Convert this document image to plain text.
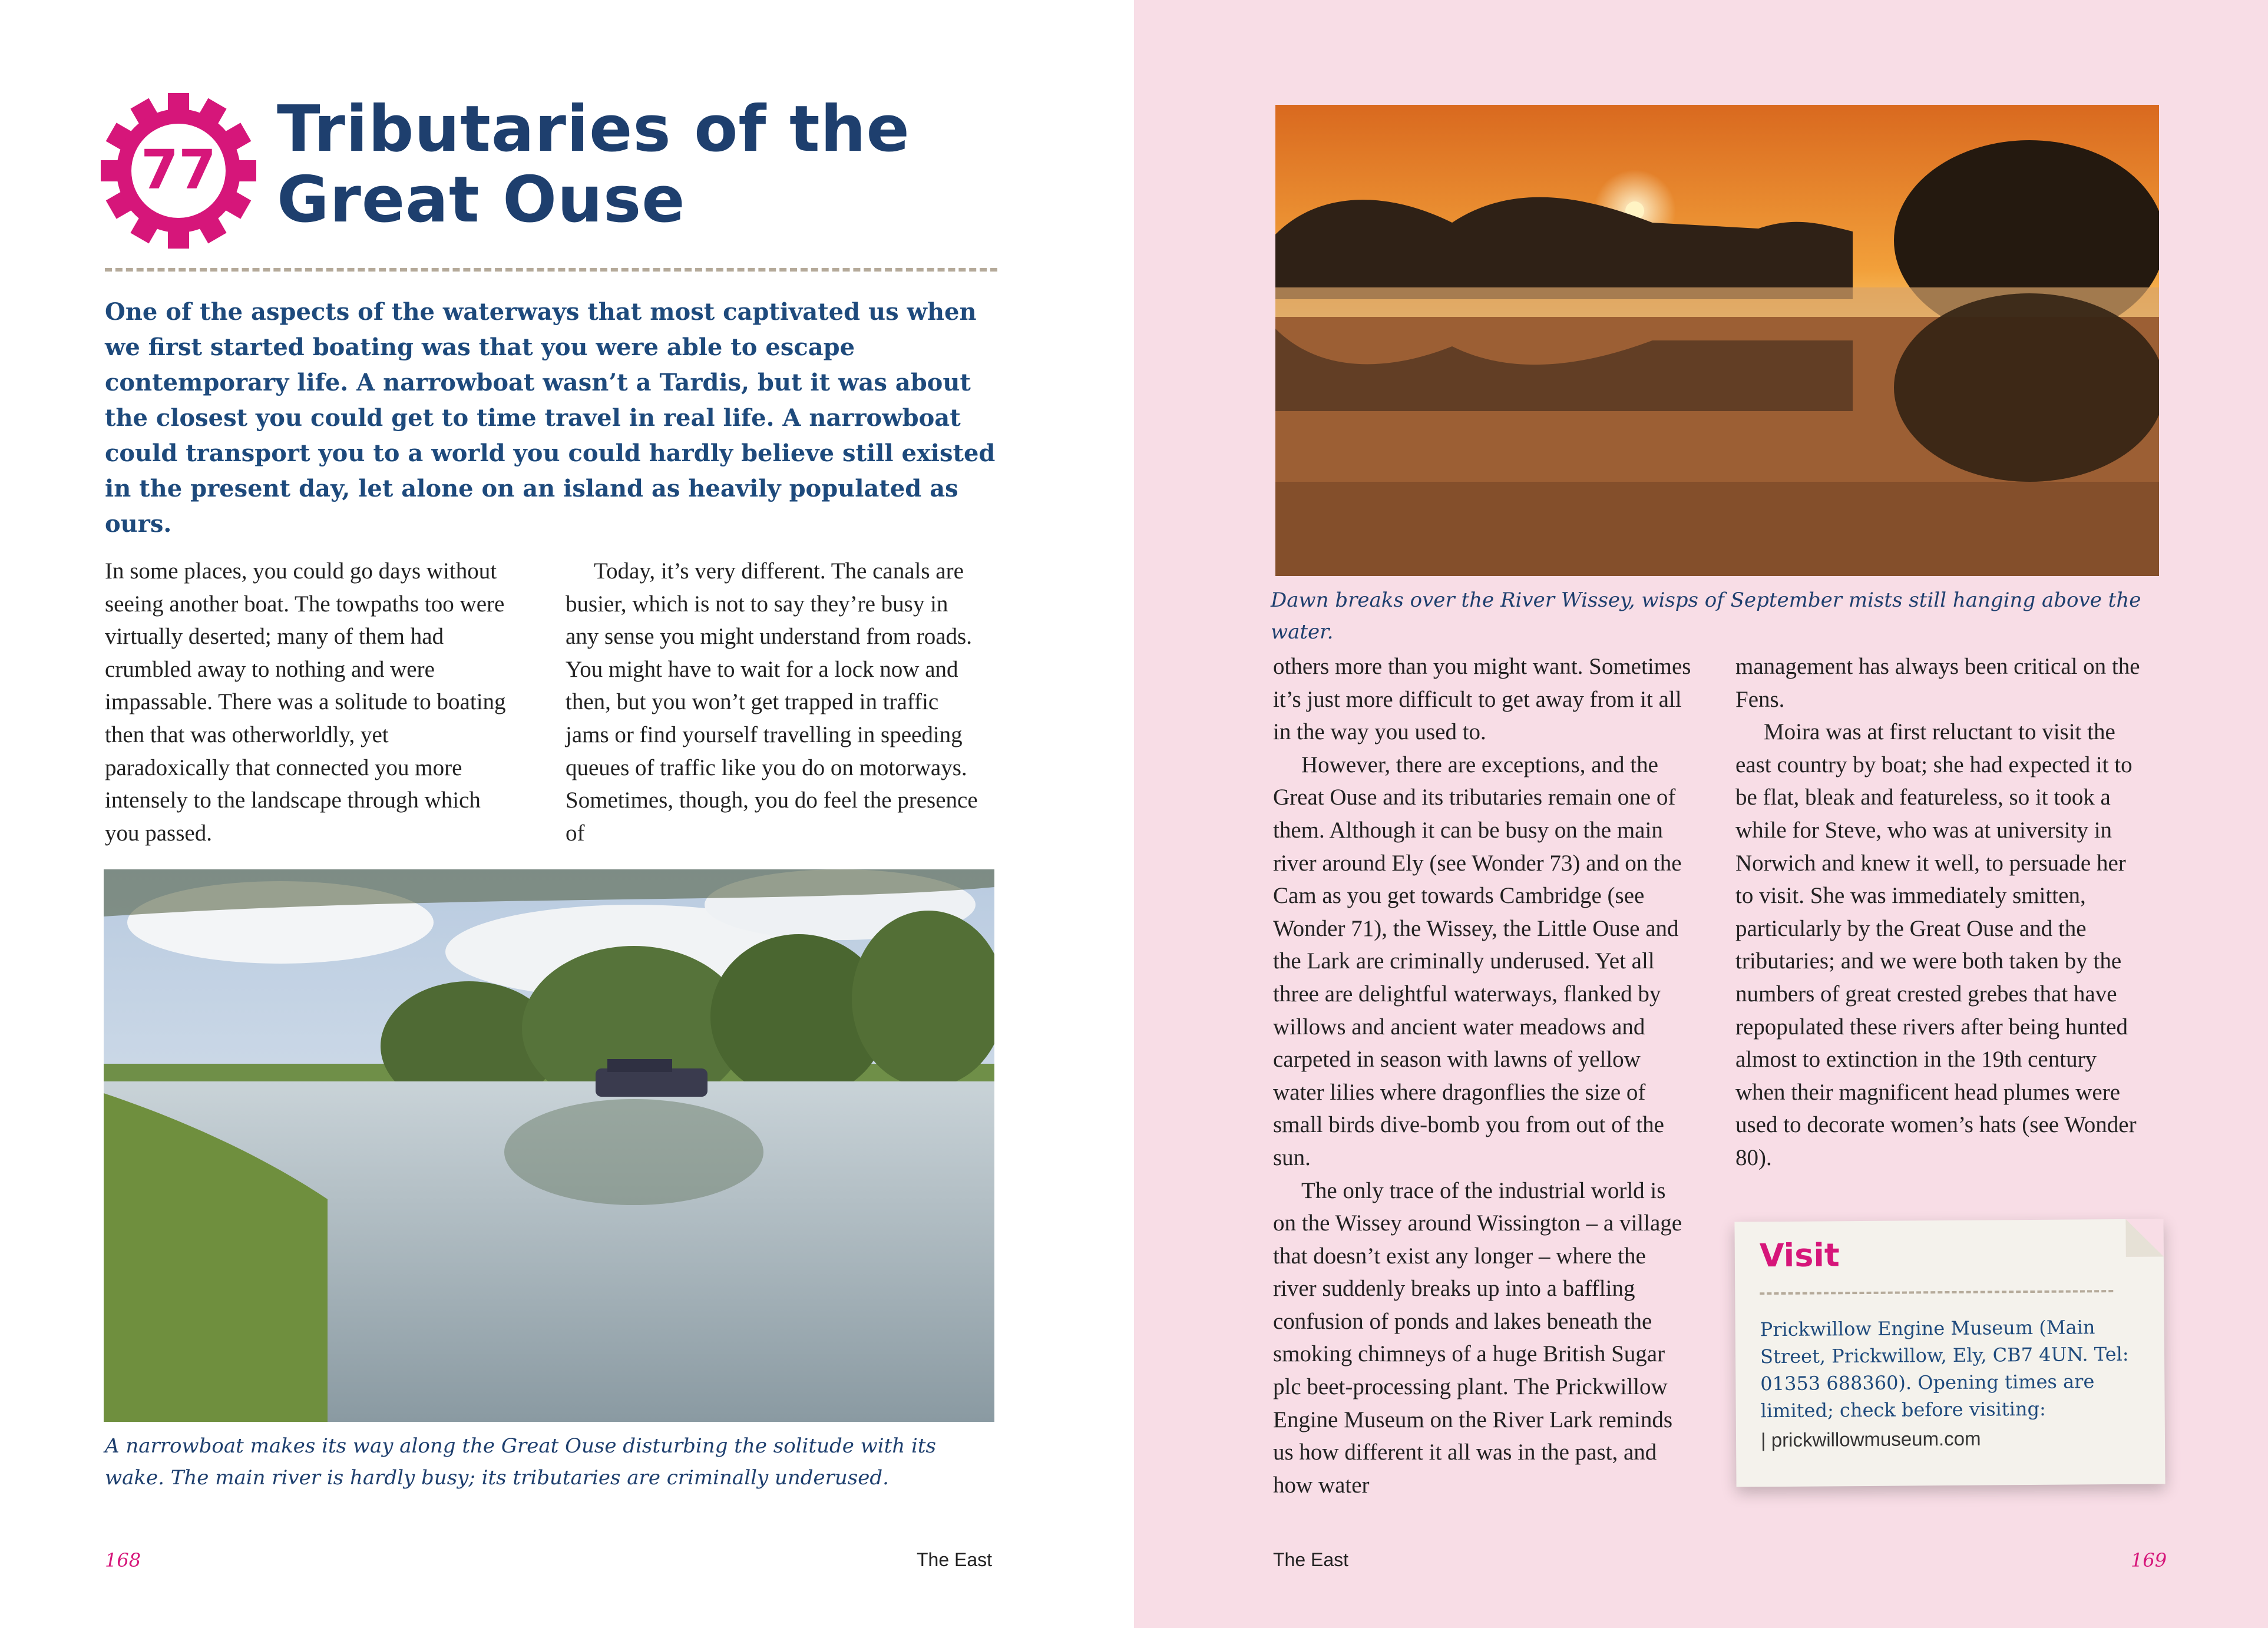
77
Tributaries of the
Great Ouse

One of the aspects of the waterways that most captivated us when we first started boating was that you were able to escape contemporary life. A narrowboat wasn’t a Tardis, but it was about the closest you could get to time travel in real life. A narrowboat could transport you to a world you could hardly believe still existed in the present day, let alone on an island as heavily populated as ours.

In some places, you could go days without seeing another boat. The towpaths too were virtually deserted; many of them had crumbled away to nothing and were impassable. There was a solitude to boating then that was otherworldly, yet paradoxically that connected you more intensely to the landscape through which you passed.

Today, it’s very different. The canals are busier, which is not to say they’re busy in any sense you might understand from roads. You might have to wait for a lock now and then, but you won’t get trapped in traffic jams or find yourself travelling in speeding queues of traffic like you do on motorways. Sometimes, though, you do feel the presence of

A narrowboat makes its way along the Great Ouse disturbing the solitude with its wake. The main river is hardly busy; its tributaries are criminally underused.

168	The East

Dawn breaks over the River Wissey, wisps of September mists still hanging above the water.

others more than you might want. Sometimes it’s just more difficult to get away from it all in the way you used to.

However, there are exceptions, and the Great Ouse and its tributaries remain one of them. Although it can be busy on the main river around Ely (see Wonder 73) and on the Cam as you get towards Cambridge (see Wonder 71), the Wissey, the Little Ouse and the Lark are criminally underused. Yet all three are delightful waterways, flanked by willows and ancient water meadows and carpeted in season with lawns of yellow water lilies where dragonflies the size of small birds dive-bomb you from out of the sun.

The only trace of the industrial world is on the Wissey around Wissington – a village that doesn’t exist any longer – where the river suddenly breaks up into a baffling confusion of ponds and lakes beneath the smoking chimneys of a huge British Sugar plc beet-processing plant. The Prickwillow Engine Museum on the River Lark reminds us how different it all was in the past, and how water

management has always been critical on the Fens.

Moira was at first reluctant to visit the east country by boat; she had expected it to be flat, bleak and featureless, so it took a while for Steve, who was at university in Norwich and knew it well, to persuade her to visit. She was immediately smitten, particularly by the Great Ouse and the tributaries; and we were both taken by the numbers of great crested grebes that have repopulated these rivers after being hunted almost to extinction in the 19th century when their magnificent head plumes were used to decorate women’s hats (see Wonder 80).

169
The East
Visit

Prickwillow Engine Museum (Main Street, Prickwillow, Ely, CB7 4UN. Tel: 01353 688360). Opening times are limited; check before visiting:

| prickwillowmuseum.com
